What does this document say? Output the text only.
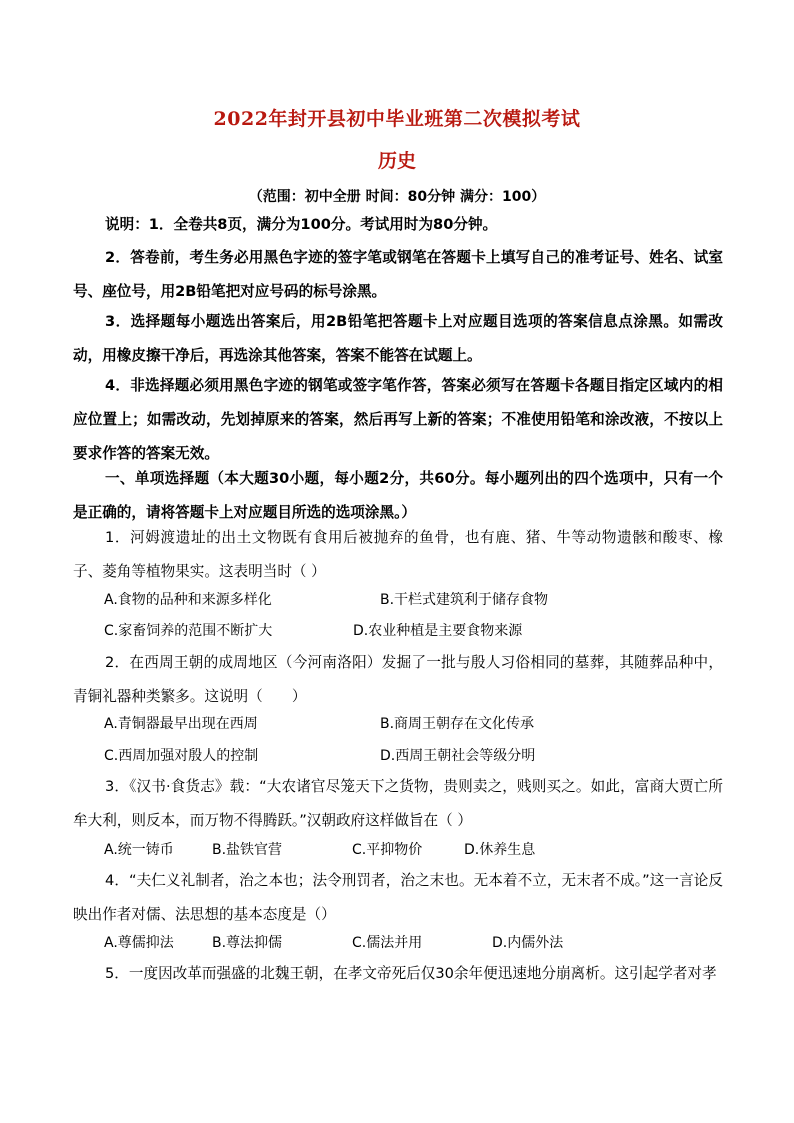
2022年封开县初中毕业班第二次模拟考试
历史
（范围：初中全册 时间：80分钟 满分：100）

说明：1．全卷共8页，满分为100分。考试用时为80分钟。

2．答卷前，考生务必用黑色字迹的签字笔或钢笔在答题卡上填写自己的准考证号、姓名、试室号、座位号，用2B铅笔把对应号码的标号涂黑。

3．选择题每小题选出答案后，用2B铅笔把答题卡上对应题目选项的答案信息点涂黑。如需改动，用橡皮擦干净后，再选涂其他答案，答案不能答在试题上。

4．非选择题必须用黑色字迹的钢笔或签字笔作答，答案必须写在答题卡各题目指定区域内的相应位置上；如需改动，先划掉原来的答案，然后再写上新的答案；不准使用铅笔和涂改液，不按以上要求作答的答案无效。

一、单项选择题（本大题30小题，每小题2分，共60分。每小题列出的四个选项中，只有一个是正确的，请将答题卡上对应题目所选的选项涂黑。）

1．河姆渡遗址的出土文物既有食用后被抛弃的鱼骨，也有鹿、猪、牛等动物遗骸和酸枣、橡子、菱角等植物果实。这表明当时（ ）

A.食物的品种和来源多样化	B.干栏式建筑利于储存食物
C.家畜饲养的范围不断扩大	D.农业种植是主要食物来源

2．在西周王朝的成周地区（今河南洛阳）发掘了一批与殷人习俗相同的墓葬，其随葬品种中，青铜礼器种类繁多。这说明（　　）

A.青铜器最早出现在西周	B.商周王朝存在文化传承
C.西周加强对殷人的控制	D.西周王朝社会等级分明

3．《汉书·食货志》载：“大农诸官尽笼天下之货物，贵则卖之，贱则买之。如此，富商大贾亡所牟大利，则反本，而万物不得腾跃。”汉朝政府这样做旨在（ ）

A.统一铸币	B.盐铁官营	C.平抑物价	D.休养生息

4．“夫仁义礼制者，治之本也；法令刑罚者，治之末也。无本着不立，无末者不成。”这一言论反映出作者对儒、法思想的基本态度是（）

A.尊儒抑法	B.尊法抑儒	C.儒法并用	D.内儒外法

5．一度因改革而强盛的北魏王朝，在孝文帝死后仅30余年便迅速地分崩离析。这引起学者对孝
